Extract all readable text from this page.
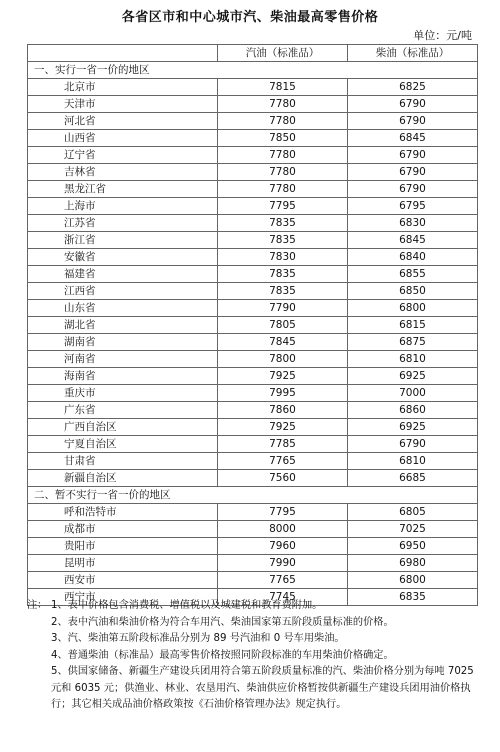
各省区市和中心城市汽、柴油最高零售价格
单位：元/吨
	汽油（标准品）	柴油（标准品）
一、实行一省一价的地区		
北京市	7815	6825
天津市	7780	6790
河北省	7780	6790
山西省	7850	6845
辽宁省	7780	6790
吉林省	7780	6790
黑龙江省	7780	6790
上海市	7795	6795
江苏省	7835	6830
浙江省	7835	6845
安徽省	7830	6840
福建省	7835	6855
江西省	7835	6850
山东省	7790	6800
湖北省	7805	6815
湖南省	7845	6875
河南省	7800	6810
海南省	7925	6925
重庆市	7995	7000
广东省	7860	6860
广西自治区	7925	6925
宁夏自治区	7785	6790
甘肃省	7765	6810
新疆自治区	7560	6685
二、暂不实行一省一价的地区		
呼和浩特市	7795	6805
成都市	8000	7025
贵阳市	7960	6950
昆明市	7990	6980
西安市	7765	6800
西宁市	7745	6835
注： 1、表中价格包含消费税、增值税以及城建税和教育费附加。
2、表中汽油和柴油价格为符合车用汽、柴油国家第五阶段质量标准的价格。
3、汽、柴油第五阶段标准品分别为 89 号汽油和 0 号车用柴油。
4、普通柴油（标准品）最高零售价格按照同阶段标准的车用柴油价格确定。
5、供国家储备、新疆生产建设兵团用符合第五阶段质量标准的汽、柴油价格分别为每吨 7025 元和 6035 元；供渔业、林业、农垦用汽、柴油供应价格暂按供新疆生产建设兵团用油价格执行；其它相关成品油价格政策按《石油价格管理办法》规定执行。
